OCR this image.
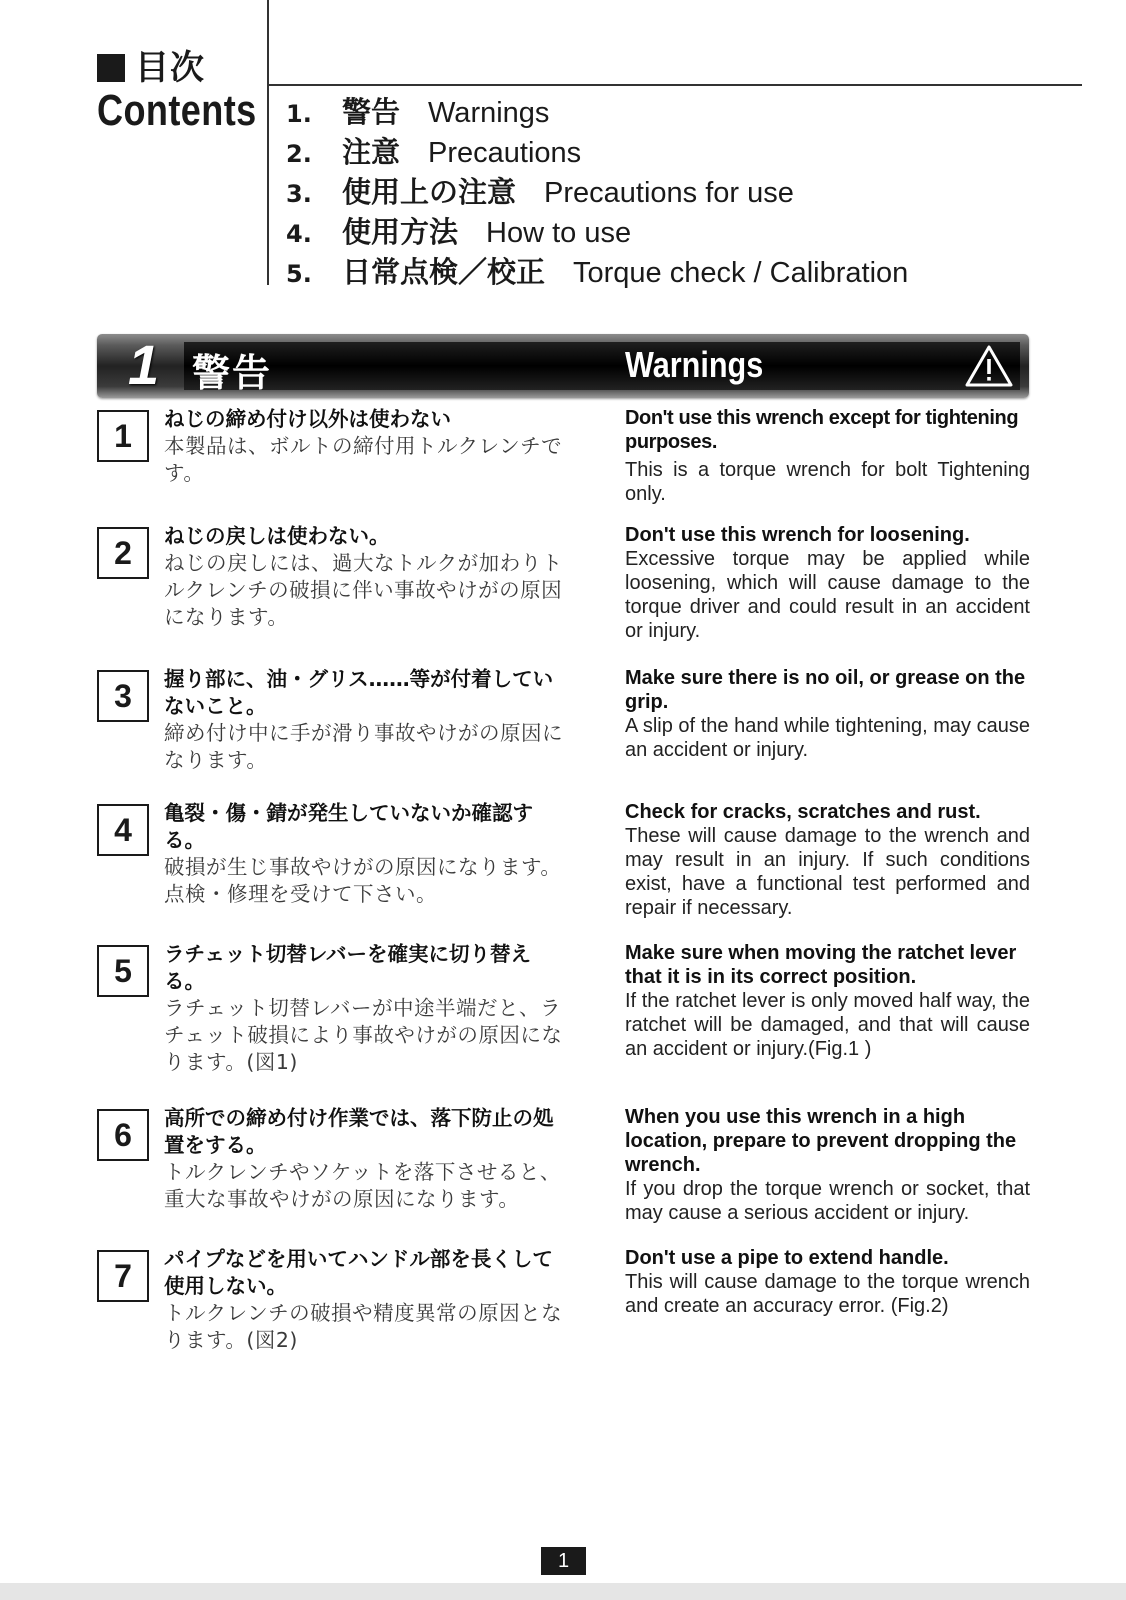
目次
Contents 1. 警告 Warnings
2. 注意 Precautions
3. 使用上の注意 Precautions for use
4. 使用方法 How to use
5. 日常点検／校正 Torque check / Calibration
1 警告	Warnings
1	ねじの締め付け以外は使わない
本製品は、ボルトの締付用トルクレンチです。
Don't use this wrench except for tightening purposes.
This is a torque wrench for bolt Tightening only.
2	ねじの戻しは使わない。
ねじの戻しには、過大なトルクが加わりトルクレンチの破損に伴い事故やけがの原因になります。
Don't use this wrench for loosening.
Excessive torque may be applied while loosening, which will cause damage to the torque driver and could result in an accident or injury.
3	握り部に、油・グリス……等が付着していないこと。
締め付け中に手が滑り事故やけがの原因になります。
Make sure there is no oil, or grease on the grip.
A slip of the hand while tightening, may cause an accident or injury.
4	亀裂・傷・錆が発生していないか確認する。
破損が生じ事故やけがの原因になります。点検・修理を受けて下さい。
Check for cracks, scratches and rust.
These will cause damage to the wrench and may result in an injury. If such conditions exist, have a functional test performed and repair if necessary.
5	ラチェット切替レバーを確実に切り替える。
ラチェット切替レバーが中途半端だと、ラチェット破損により事故やけがの原因になります。(図1)
Make sure when moving the ratchet lever that it is in its correct position.
If the ratchet lever is only moved half way, the ratchet will be damaged, and that will cause an accident or injury.(Fig.1 )
6	高所での締め付け作業では、落下防止の処置をする。
トルクレンチやソケットを落下させると、重大な事故やけがの原因になります。
When you use this wrench in a high location, prepare to prevent dropping the wrench.
If you drop the torque wrench or socket, that may cause a serious accident or injury.
7	パイプなどを用いてハンドル部を長くして使用しない。
トルクレンチの破損や精度異常の原因となります。(図2)
Don't use a pipe to extend handle.
This will cause damage to the torque wrench and create an accuracy error. (Fig.2)
1
